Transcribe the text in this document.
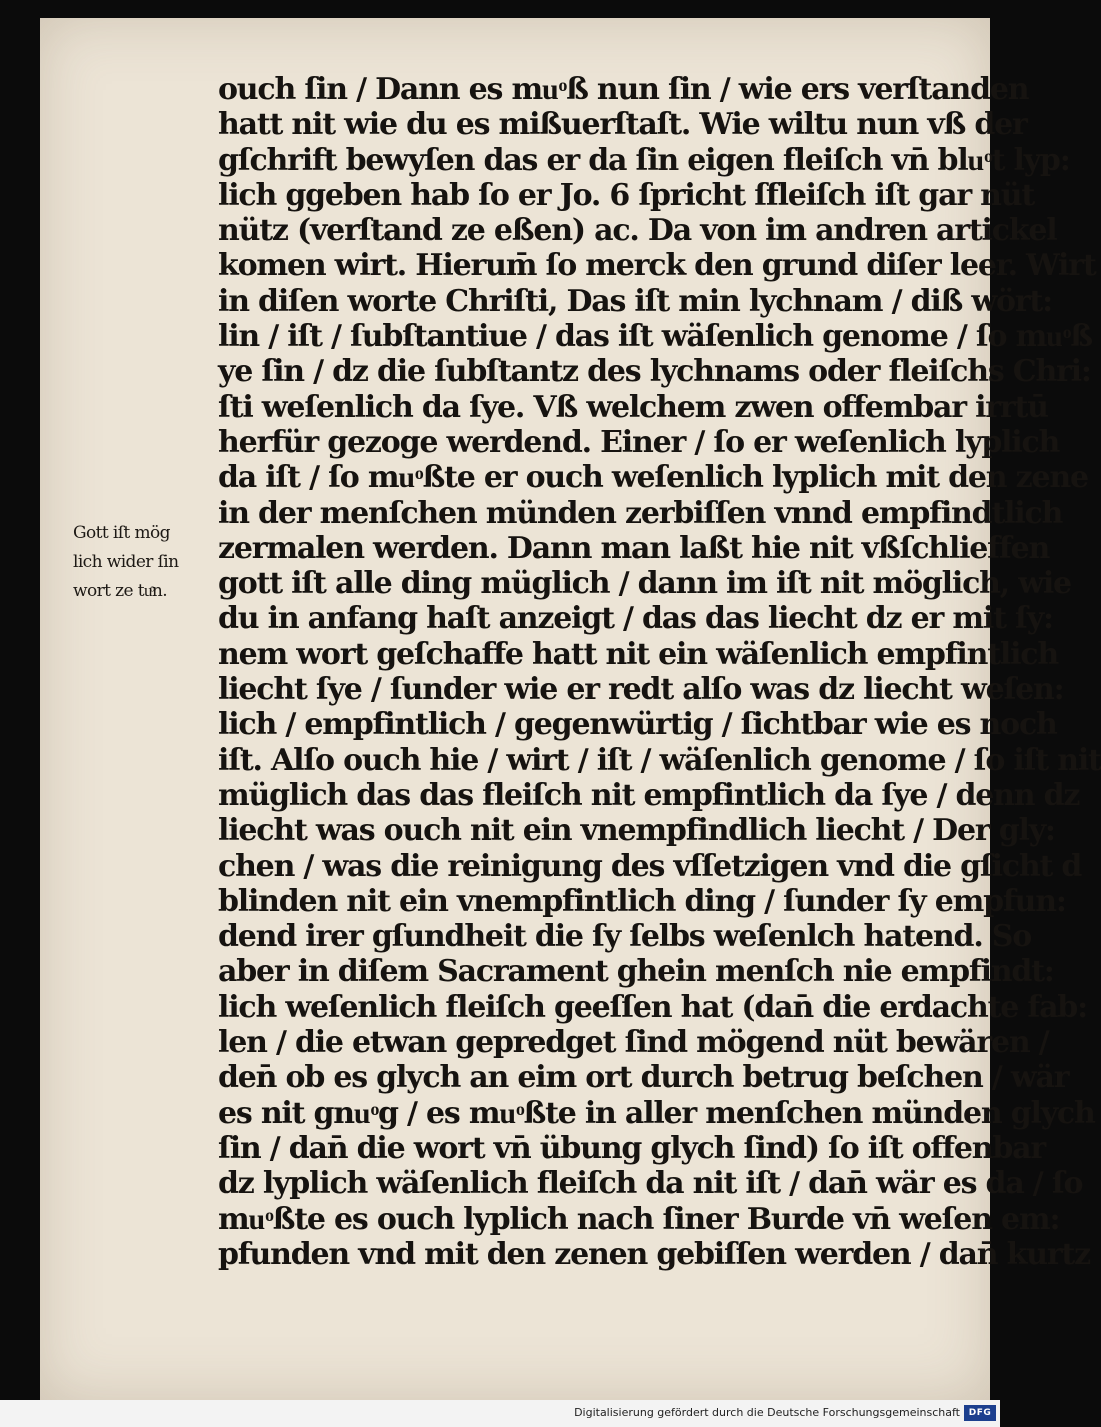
Gott iſt mög
lich wider ſin
wort ze tuͦn.
ouch ſin / Dann es muͦß nun ſin / wie ers verſtanden
hatt nit wie du es mißuerſtaſt. Wie wiltu nun vß der
gſchrift bewyſen das er da ſin eigen fleiſch vn̄ bluͦt lyp:
lich ggeben hab ſo er Jo. 6 ſpricht ſfleiſch iſt gar nüt
nütz (verſtand ze eßen) ac. Da von im andren artickel
komen wirt. Hierum̄ ſo merck den grund diſer leer. Wirt
in diſen worte Chriſti, Das iſt min lychnam / diß wört:
lin / iſt / ſubſtantiue / das iſt wäſenlich genome / ſo muͦß
ye ſin / dz die ſubſtantz des lychnams oder fleiſchs Chri:
ſti weſenlich da ſye. Vß welchem zwen offembar irrtū
herfür gezoge werdend. Einer / ſo er weſenlich lyplich
da iſt / ſo muͦßte er ouch weſenlich lyplich mit den zene
in der menſchen münden zerbiſſen vnnd empfindtlich
zermalen werden. Dann man laßt hie nit vßſchlieffen
gott iſt alle ding müglich / dann im iſt nit möglich, wie
du in anfang haſt anzeigt / das das liecht dz er mit ſy:
nem wort geſchaffe hatt nit ein wäſenlich empfintlich
liecht ſye / ſunder wie er redt alſo was dz liecht weſen:
lich / empfintlich / gegenwürtig / ſichtbar wie es noch
iſt. Alſo ouch hie / wirt / iſt / wäſenlich genome / ſo iſt nit
müglich das das fleiſch nit empfintlich da ſye / denn dz
liecht was ouch nit ein vnempfindlich liecht / Der gly:
chen / was die reinigung des vſſetzigen vnd die gſicht d
blinden nit ein vnempfintlich ding / ſunder ſy empfun:
dend irer gſundheit die ſy ſelbs weſenlch hatend. So
aber in diſem Sacrament ghein menſch nie empfindt:
lich weſenlich fleiſch geeſſen hat (dan̄ die erdachte fab:
len / die etwan gepredget ſind mögend nüt bewären /
den̄ ob es glych an eim ort durch betrug beſchen / wär
es nit gnuͦg / es muͦßte in aller menſchen münden glych
ſin / dan̄ die wort vn̄ übung glych ſind) ſo iſt offenbar
dz lyplich wäſenlich fleiſch da nit iſt / dan̄ wär es da / ſo
muͦßte es ouch lyplich nach ſiner Burde vn̄ weſen em:
pfunden vnd mit den zenen gebiſſen werden / dan̄ kurtz
Digitalisierung gefördert durch die Deutsche Forschungsgemeinschaft DFG
